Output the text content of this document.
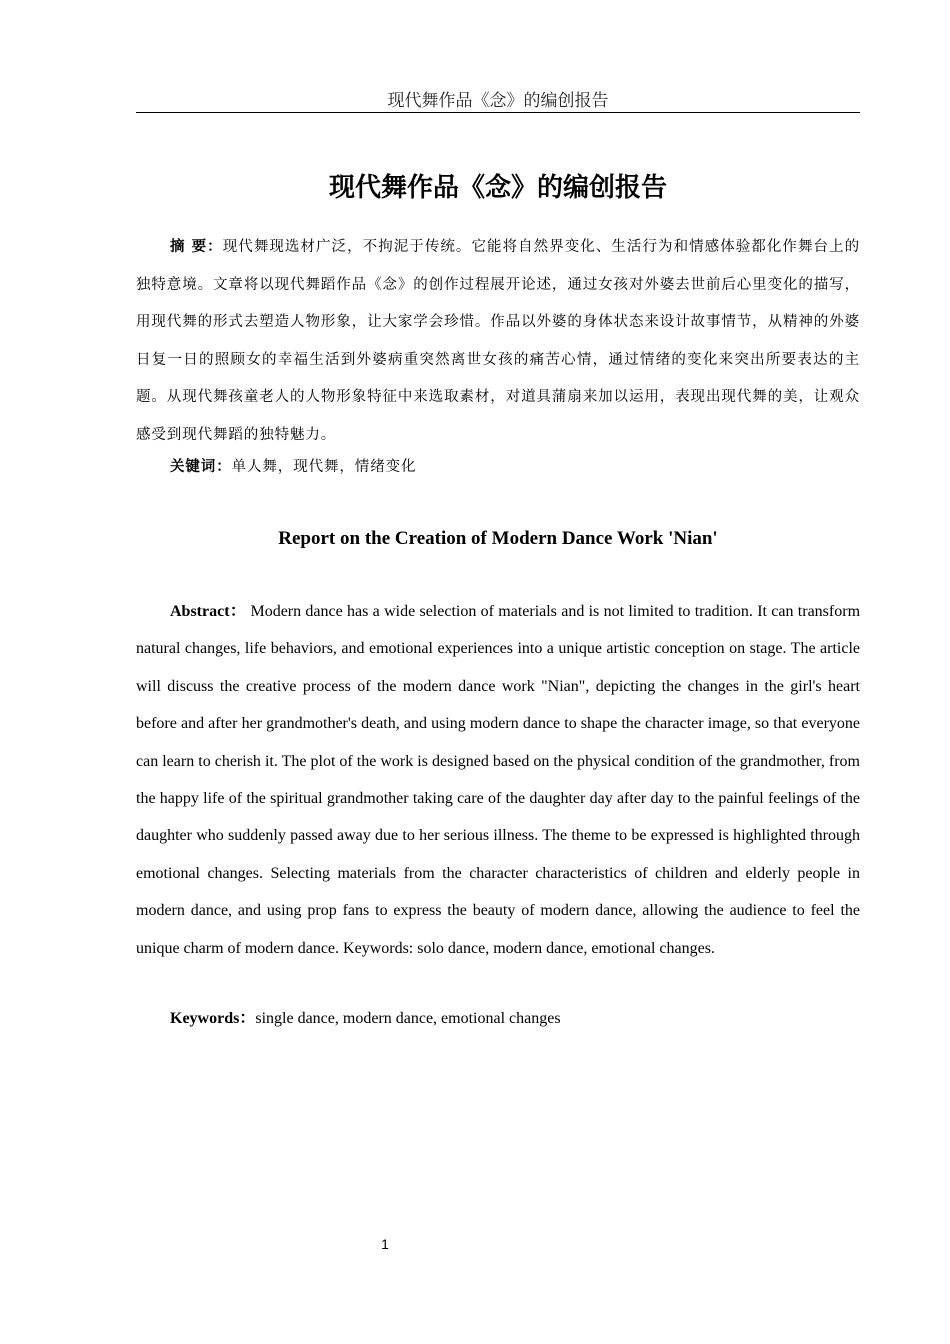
现代舞作品《念》的编创报告
现代舞作品《念》的编创报告

摘 要：现代舞现选材广泛，不拘泥于传统。它能将自然界变化、生活行为和情感体验都化作舞台上的独特意境。文章将以现代舞蹈作品《念》的创作过程展开论述，通过女孩对外婆去世前后心里变化的描写，用现代舞的形式去塑造人物形象，让大家学会珍惜。作品以外婆的身体状态来设计故事情节，从精神的外婆日复一日的照顾女的幸福生活到外婆病重突然离世女孩的痛苦心情，通过情绪的变化来突出所要表达的主题。从现代舞孩童老人的人物形象特征中来选取素材，对道具蒲扇来加以运用，表现出现代舞的美，让观众感受到现代舞蹈的独特魅力。

关键词：单人舞，现代舞，情绪变化

Report on the Creation of Modern Dance Work 'Nian'

Abstract： Modern dance has a wide selection of materials and is not limited to tradition. It can transform natural changes, life behaviors, and emotional experiences into a unique artistic conception on stage. The article will discuss the creative process of the modern dance work "Nian", depicting the changes in the girl's heart before and after her grandmother's death, and using modern dance to shape the character image, so that everyone can learn to cherish it. The plot of the work is designed based on the physical condition of the grandmother, from the happy life of the spiritual grandmother taking care of the daughter day after day to the painful feelings of the daughter who suddenly passed away due to her serious illness. The theme to be expressed is highlighted through emotional changes. Selecting materials from the character characteristics of children and elderly people in modern dance, and using prop fans to express the beauty of modern dance, allowing the audience to feel the unique charm of modern dance. Keywords: solo dance, modern dance, emotional changes.

Keywords：single dance, modern dance, emotional changes

1
